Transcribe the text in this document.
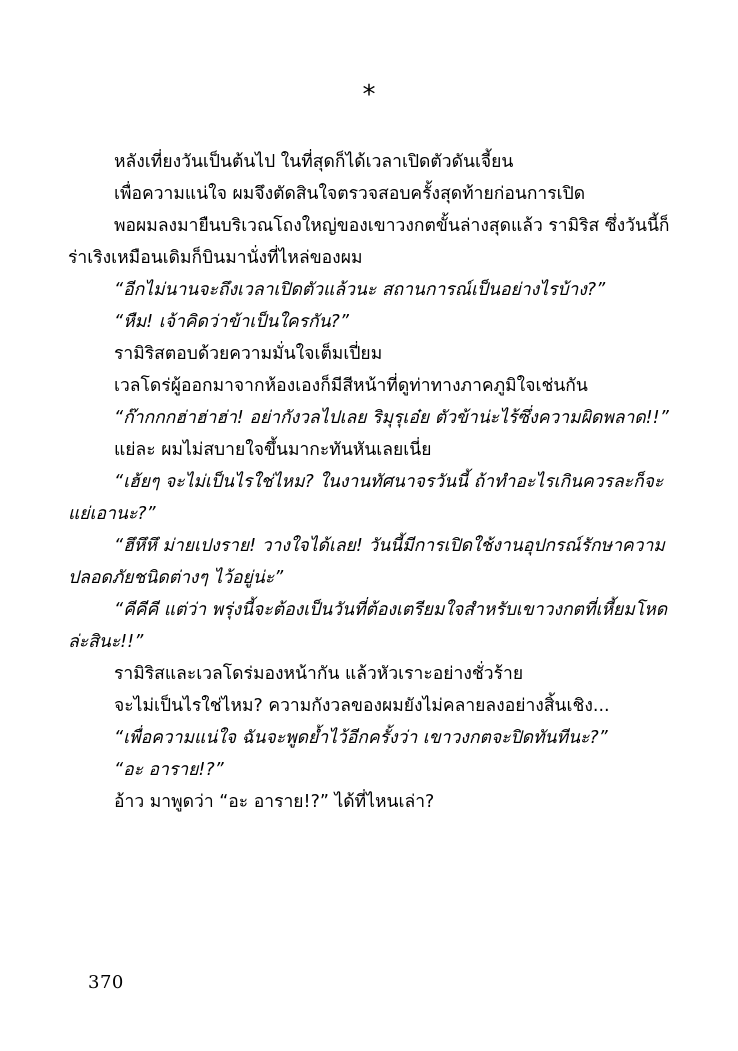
*

หลังเที่ยงวันเป็นต้นไป ในที่สุดก็ได้เวลาเปิดตัวดันเจี้ยน

เพื่อความแน่ใจ ผมจึงตัดสินใจตรวจสอบครั้งสุดท้ายก่อนการเปิด

พอผมลงมายืนบริเวณโถงใหญ่ของเขาวงกตขั้นล่างสุดแล้ว รามิริส ซึ่งวันนี้ก็ร่าเริงเหมือนเดิมก็บินมานั่งที่ไหล่ของผม

“อีกไม่นานจะถึงเวลาเปิดตัวแล้วนะ สถานการณ์เป็นอย่างไรบ้าง?”

“หืม! เจ้าคิดว่าข้าเป็นใครกัน?”

รามิริสตอบด้วยความมั่นใจเต็มเปี่ยม

เวลโดร่ผู้ออกมาจากห้องเองก็มีสีหน้าที่ดูท่าทางภาคภูมิใจเช่นกัน

“ก๊ากกกฮ่าฮ่าฮ่า! อย่ากังวลไปเลย ริมุรุเอ๋ย ตัวข้าน่ะไร้ซึ่งความผิดพลาด!!”

แย่ละ ผมไม่สบายใจขึ้นมากะทันหันเลยเนี่ย

“เฮ้ยๆ จะไม่เป็นไรใช่ไหม? ในงานทัศนาจรวันนี้ ถ้าทำอะไรเกินควรละก็จะแย่เอานะ?”

“ฮึหึหึ ม่ายเปงราย! วางใจได้เลย! วันนี้มีการเปิดใช้งานอุปกรณ์รักษาความปลอดภัยชนิดต่างๆ ไว้อยู่น่ะ”

“คีคีคี แต่ว่า พรุ่งนี้จะต้องเป็นวันที่ต้องเตรียมใจสำหรับเขาวงกตที่เหี้ยมโหดล่ะสินะ!!”

รามิริสและเวลโดร่มองหน้ากัน แล้วหัวเราะอย่างชั่วร้าย

จะไม่เป็นไรใช่ไหม? ความกังวลของผมยังไม่คลายลงอย่างสิ้นเชิง...

“เพื่อความแน่ใจ ฉันจะพูดย้ำไว้อีกครั้งว่า เขาวงกตจะปิดทันทีนะ?”

“อะ อาราย!?”

อ้าว มาพูดว่า “อะ อาราย!?” ได้ที่ไหนเล่า?

370
